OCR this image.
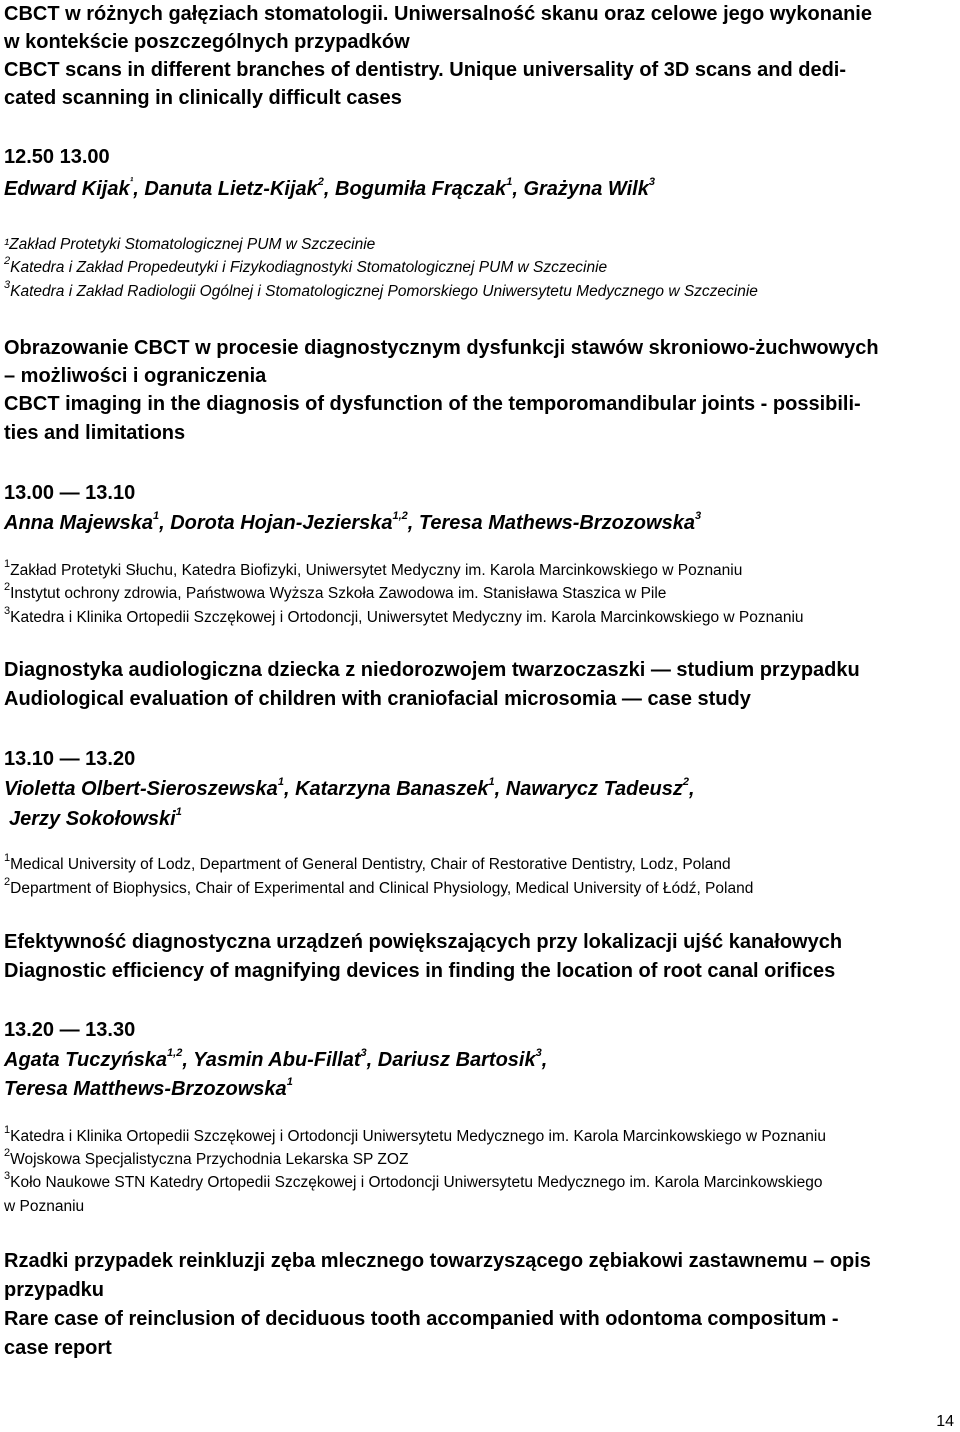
CBCT w różnych gałęziach stomatologii. Uniwersalność skanu oraz celowe jego wykonanie
w kontekście poszczególnych przypadków
CBCT scans in different branches of dentistry. Unique universality of 3D scans and dedi-
cated scanning in clinically difficult cases
12.50 13.00
Edward Kijak$^{^1}$, Danuta Lietz-Kijak$^2$, Bogumiła Frączak$^1$, Grażyna Wilk$^3$
¹Zakład Protetyki Stomatologicznej PUM w Szczecinie
$^2$Katedra i Zakład Propedeutyki i Fizykodiagnostyki Stomatologicznej PUM w Szczecinie
$^3$Katedra i Zakład Radiologii Ogólnej i Stomatologicznej Pomorskiego Uniwersytetu Medycznego w Szczecinie
Obrazowanie CBCT w procesie diagnostycznym dysfunkcji stawów skroniowo-żuchwowych
– możliwości i ograniczenia
CBCT imaging in the diagnosis of dysfunction of the temporomandibular joints - possibili-
ties and limitations
13.00 — 13.10
Anna Majewska$^1$, Dorota Hojan-Jezierska$^{1,2}$, Teresa Mathews-Brzozowska$^3$
$^1$Zakład Protetyki Słuchu, Katedra Biofizyki, Uniwersytet Medyczny im. Karola Marcinkowskiego w Poznaniu
$^2$Instytut ochrony zdrowia, Państwowa Wyższa Szkoła Zawodowa im. Stanisława Staszica w Pile
$^3$Katedra i Klinika Ortopedii Szczękowej i Ortodoncji, Uniwersytet Medyczny im. Karola Marcinkowskiego w Poznaniu
Diagnostyka audiologiczna dziecka z niedorozwojem twarzoczaszki — studium przypadku
Audiological evaluation of children with craniofacial microsomia — case study
13.10 — 13.20
Violetta Olbert-Sieroszewska$^1$, Katarzyna Banaszek$^1$, Nawarycz Tadeusz$^2$,
Jerzy Sokołowski$^1$
$^1$Medical University of Lodz, Department of General Dentistry, Chair of Restorative Dentistry, Lodz, Poland
$^2$Department of Biophysics, Chair of Experimental and Clinical Physiology, Medical University of Łódź, Poland
Efektywność diagnostyczna urządzeń powiększających przy lokalizacji ujść kanałowych
Diagnostic efficiency of magnifying devices in finding the location of root canal orifices
13.20 — 13.30
Agata Tuczyńska$^{1,2}$, Yasmin Abu-Fillat$^3$, Dariusz Bartosik$^3$,
Teresa Matthews-Brzozowska$^1$
$^1$Katedra i Klinika Ortopedii Szczękowej i Ortodoncji Uniwersytetu Medycznego im. Karola Marcinkowskiego w Poznaniu
$^2$Wojskowa Specjalistyczna Przychodnia Lekarska SP ZOZ
$^3$Koło Naukowe STN Katedry Ortopedii Szczękowej i Ortodoncji Uniwersytetu Medycznego im. Karola Marcinkowskiego
w Poznaniu
Rzadki przypadek reinkluzji zęba mlecznego towarzyszącego zębiakowi zastawnemu – opis
przypadku
Rare case of reinclusion of deciduous tooth accompanied with odontoma compositum -
case report
14
